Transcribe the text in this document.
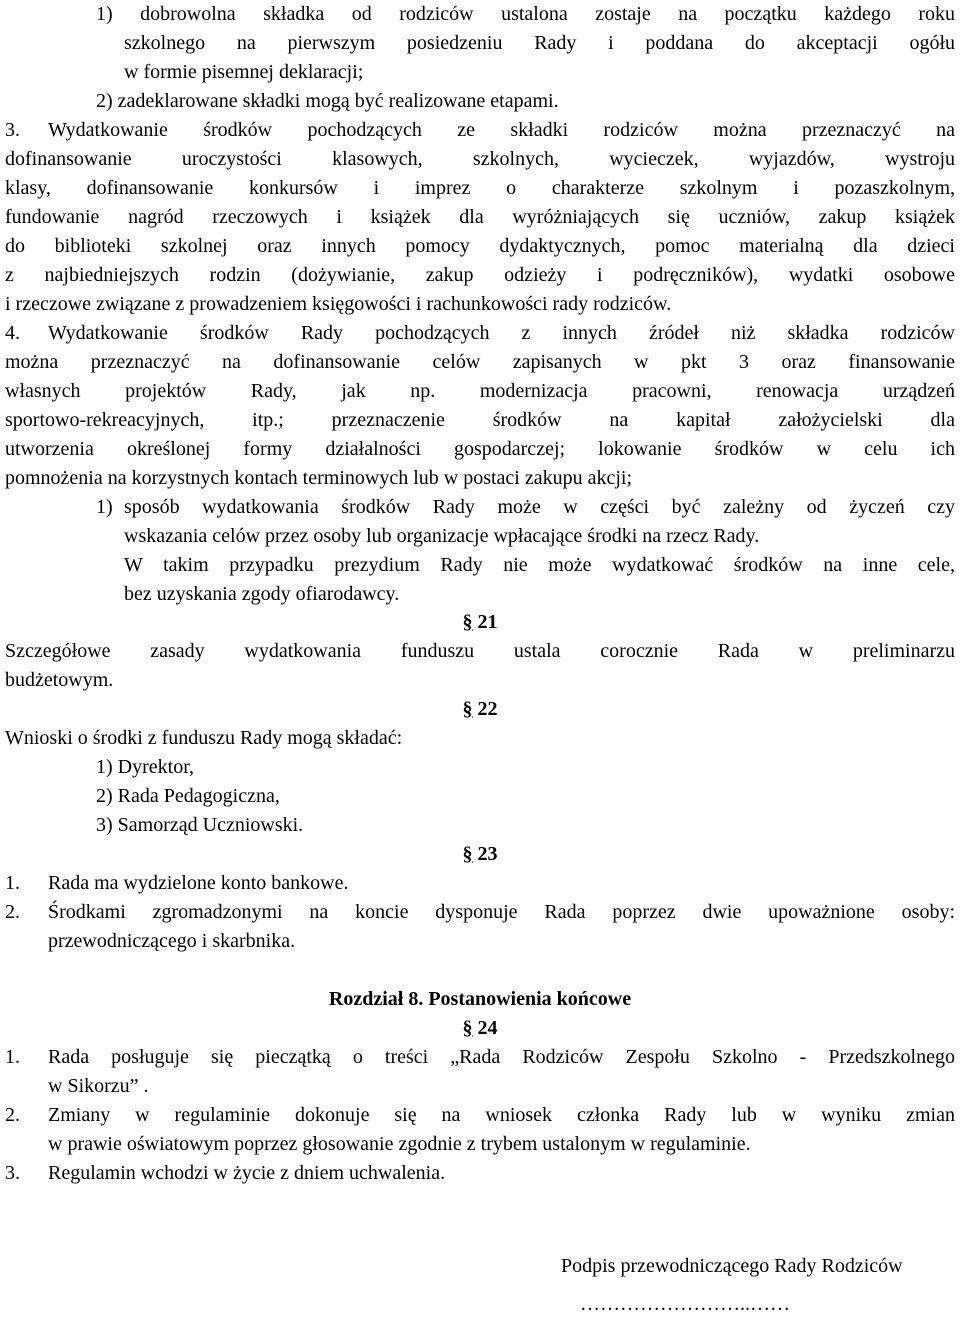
1) dobrowolna składka od rodziców ustalona zostaje na początku każdego roku
szkolnego na pierwszym posiedzeniu Rady i poddana do akceptacji ogółu
w formie pisemnej deklaracji;
2) zadeklarowane składki mogą być realizowane etapami.
3.	Wydatkowanie środków pochodzących ze składki rodziców można przeznaczyć na
dofinansowanie uroczystości klasowych, szkolnych, wycieczek, wyjazdów, wystroju
klasy, dofinansowanie konkursów i imprez o charakterze szkolnym i pozaszkolnym,
fundowanie nagród rzeczowych i książek dla wyróżniających się uczniów, zakup książek
do biblioteki szkolnej oraz innych pomocy dydaktycznych, pomoc materialną dla dzieci
z najbiedniejszych rodzin (dożywianie, zakup odzieży i podręczników), wydatki osobowe
i rzeczowe związane z prowadzeniem księgowości i rachunkowości rady rodziców.
4.	Wydatkowanie środków Rady pochodzących z innych źródeł niż składka rodziców
można przeznaczyć na dofinansowanie celów zapisanych w pkt 3 oraz finansowanie
własnych projektów Rady, jak np. modernizacja pracowni, renowacja urządzeń
sportowo-rekreacyjnych, itp.; przeznaczenie środków na kapitał założycielski dla
utworzenia określonej formy działalności gospodarczej; lokowanie środków w celu ich
pomnożenia na korzystnych kontach terminowych lub w postaci zakupu akcji;
1) sposób wydatkowania środków Rady może w części być zależny od życzeń czy
wskazania celów przez osoby lub organizacje wpłacające środki na rzecz Rady.
W takim przypadku prezydium Rady nie może wydatkować środków na inne cele,
bez uzyskania zgody ofiarodawcy.
§ 21
Szczegółowe zasady wydatkowania funduszu ustala corocznie Rada w preliminarzu
budżetowym.
§ 22
Wnioski o środki z funduszu Rady mogą składać:
1) Dyrektor,
2) Rada Pedagogiczna,
3) Samorząd Uczniowski.
§ 23
1.	Rada ma wydzielone konto bankowe.
2.	Środkami zgromadzonymi na koncie dysponuje Rada poprzez dwie upoważnione osoby:
przewodniczącego i skarbnika.
Rozdział 8. Postanowienia końcowe
§ 24
1.	Rada posługuje się pieczątką o treści „Rada Rodziców Zespołu Szkolno - Przedszkolnego
w Sikorzu” .
2.	Zmiany w regulaminie dokonuje się na wniosek członka Rady lub w wyniku zmian
w prawie oświatowym poprzez głosowanie zgodnie z trybem ustalonym w regulaminie.
3.	Regulamin wchodzi w życie z dniem uchwalenia.
Podpis przewodniczącego Rady Rodziców
……………………..……
